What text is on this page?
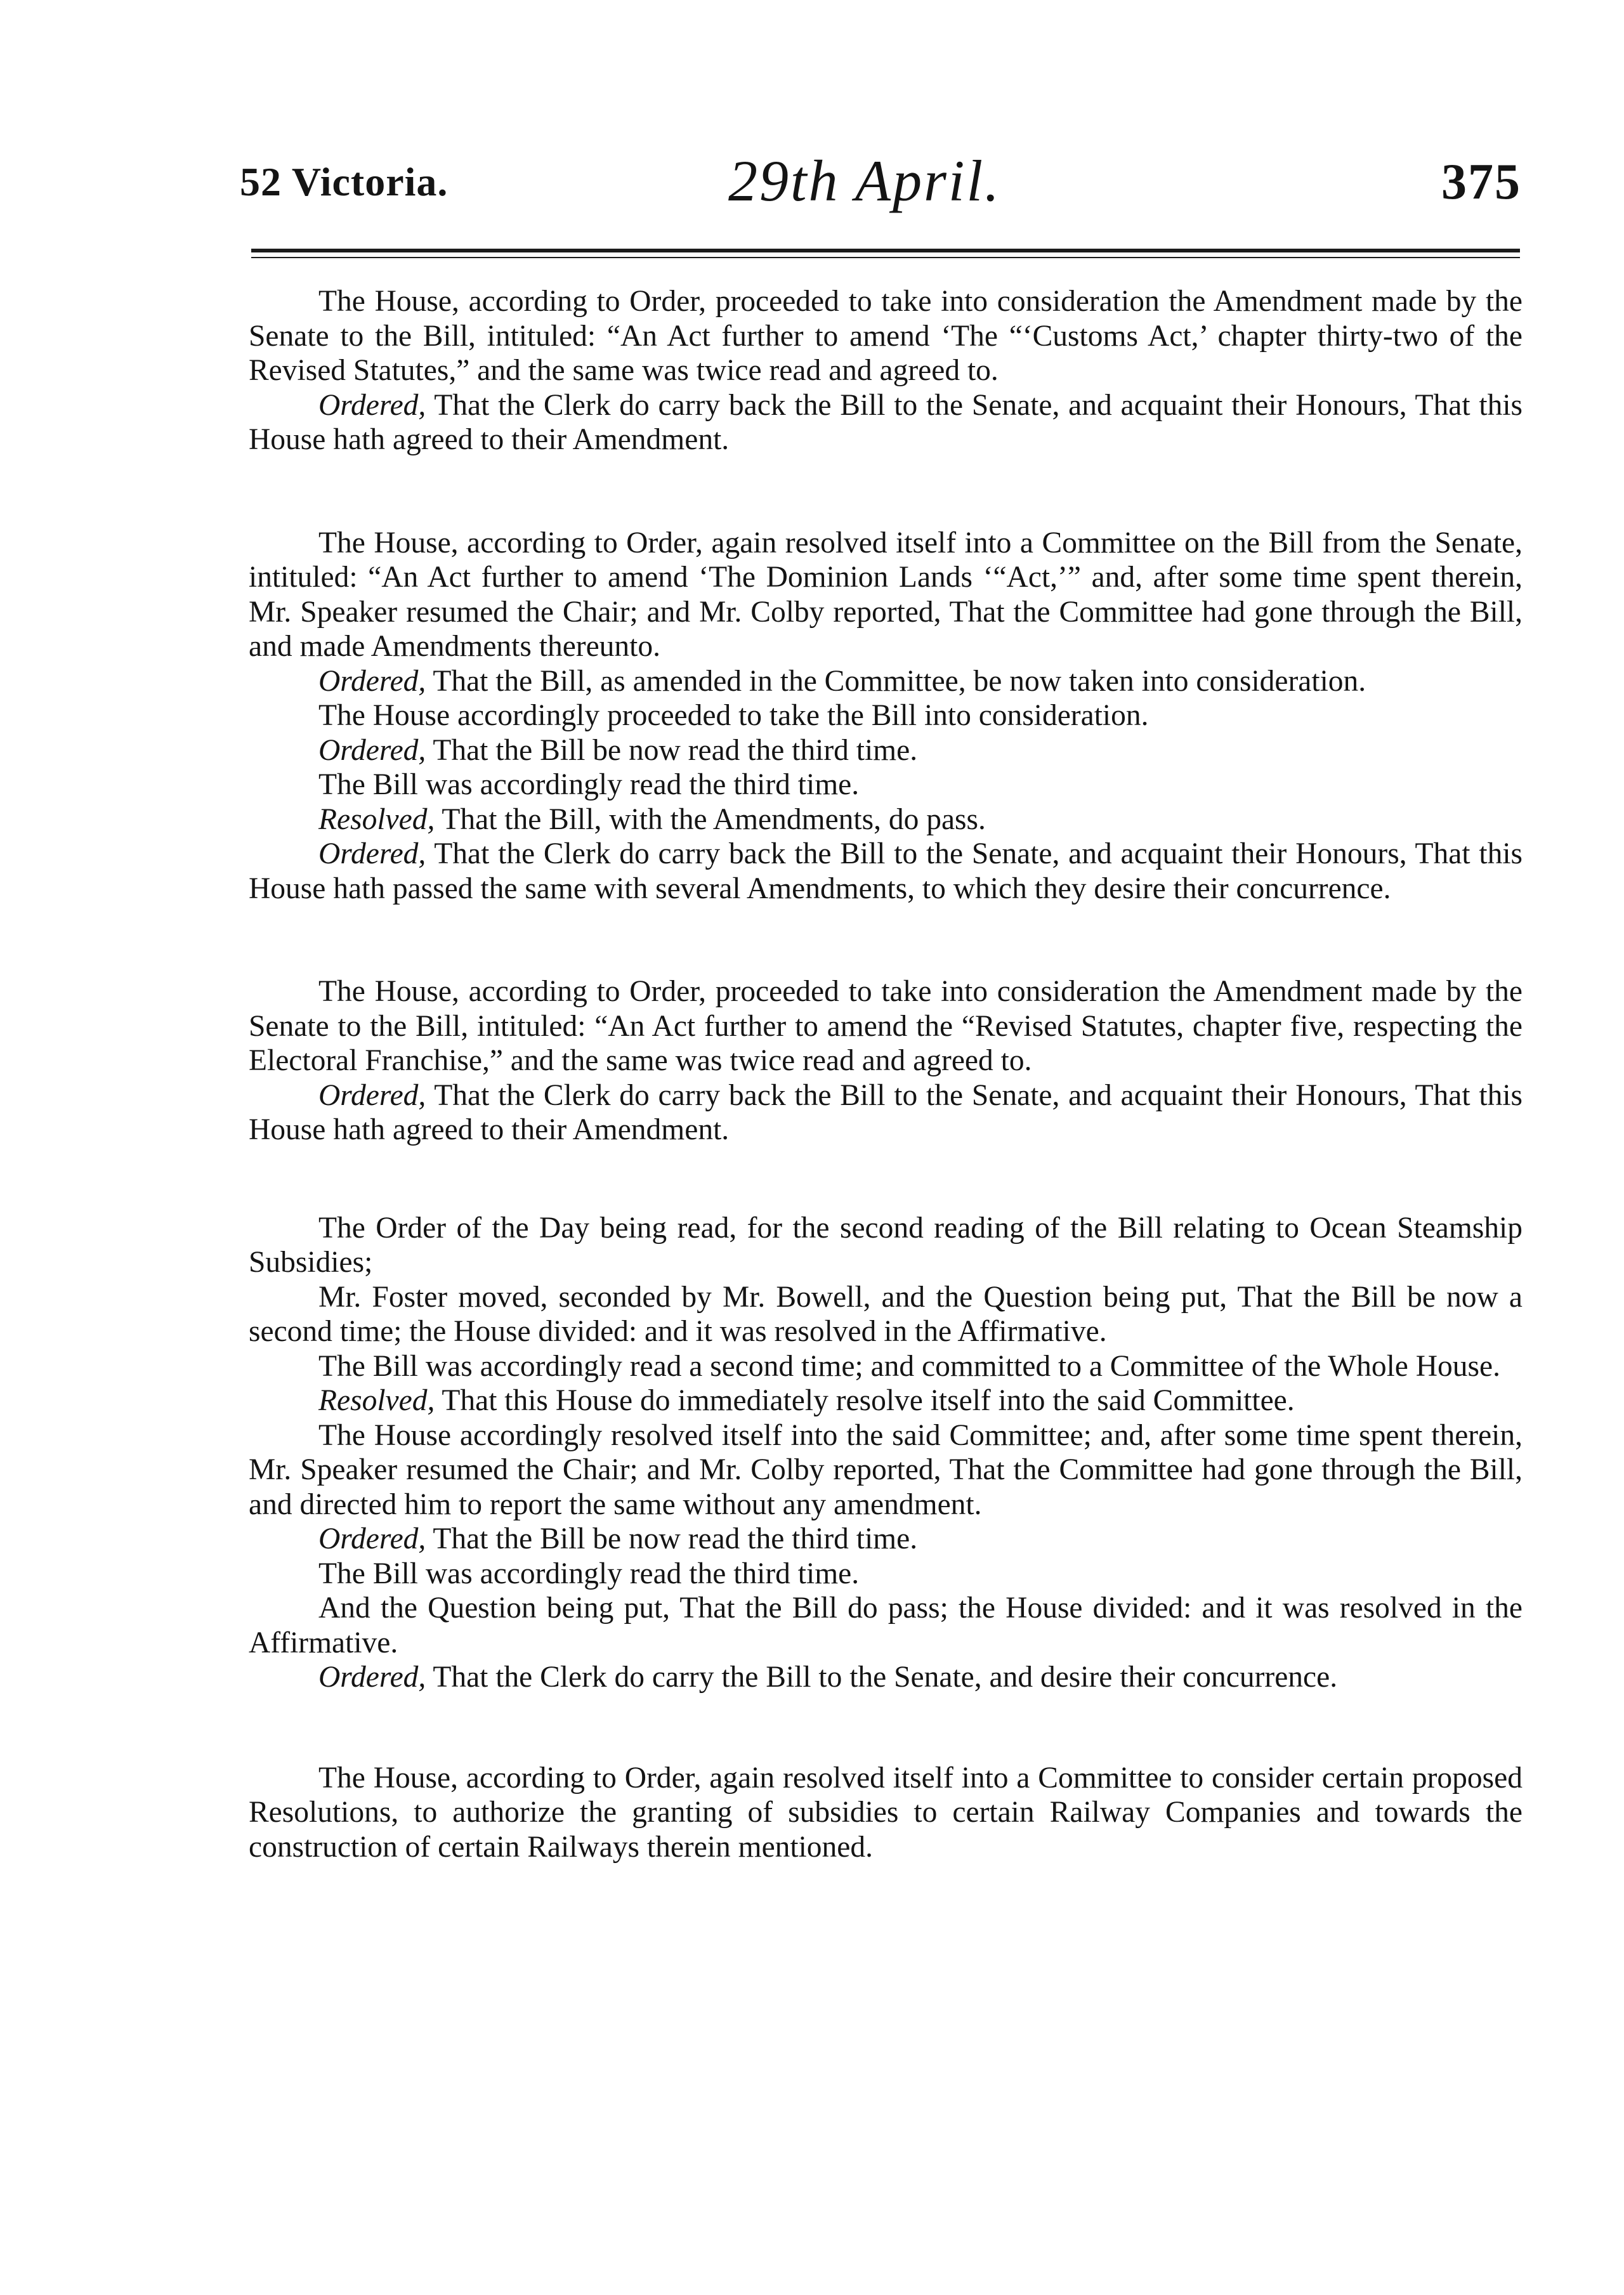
52 Victoria.	29th April.	375

The House, according to Order, proceeded to take into consideration the Amendment made by the Senate to the Bill, intituled: “An Act further to amend ‘The “‘Customs Act,’ chapter thirty-two of the Revised Statutes,” and the same was twice read and agreed to.

Ordered, That the Clerk do carry back the Bill to the Senate, and acquaint their Honours, That this House hath agreed to their Amendment.

The House, according to Order, again resolved itself into a Committee on the Bill from the Senate, intituled: “An Act further to amend ‘The Dominion Lands ‘“Act,’” and, after some time spent therein, Mr. Speaker resumed the Chair; and Mr. Colby reported, That the Committee had gone through the Bill, and made Amendments thereunto.

Ordered, That the Bill, as amended in the Committee, be now taken into consideration.

The House accordingly proceeded to take the Bill into consideration.

Ordered, That the Bill be now read the third time.

The Bill was accordingly read the third time.

Resolved, That the Bill, with the Amendments, do pass.

Ordered, That the Clerk do carry back the Bill to the Senate, and acquaint their Honours, That this House hath passed the same with several Amendments, to which they desire their concurrence.

The House, according to Order, proceeded to take into consideration the Amendment made by the Senate to the Bill, intituled: “An Act further to amend the “Revised Statutes, chapter five, respecting the Electoral Franchise,” and the same was twice read and agreed to.

Ordered, That the Clerk do carry back the Bill to the Senate, and acquaint their Honours, That this House hath agreed to their Amendment.

The Order of the Day being read, for the second reading of the Bill relating to Ocean Steamship Subsidies;

Mr. Foster moved, seconded by Mr. Bowell, and the Question being put, That the Bill be now a second time; the House divided: and it was resolved in the Affirmative.

The Bill was accordingly read a second time; and committed to a Committee of the Whole House.

Resolved, That this House do immediately resolve itself into the said Committee.

The House accordingly resolved itself into the said Committee; and, after some time spent therein, Mr. Speaker resumed the Chair; and Mr. Colby reported, That the Committee had gone through the Bill, and directed him to report the same without any amendment.

Ordered, That the Bill be now read the third time.

The Bill was accordingly read the third time.

And the Question being put, That the Bill do pass; the House divided: and it was resolved in the Affirmative.

Ordered, That the Clerk do carry the Bill to the Senate, and desire their concurrence.

The House, according to Order, again resolved itself into a Committee to consider certain proposed Resolutions, to authorize the granting of subsidies to certain Railway Companies and towards the construction of certain Railways therein mentioned.
